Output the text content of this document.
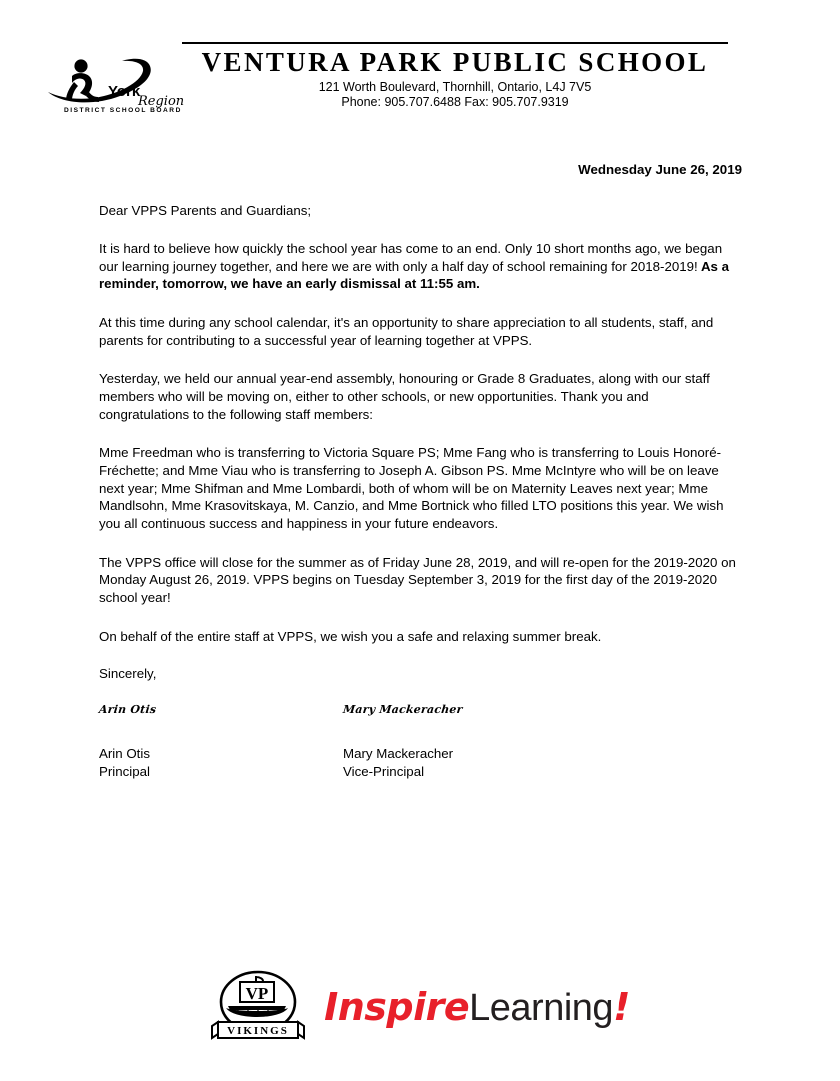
York
Region
DISTRICT SCHOOL BOARD
VENTURA PARK PUBLIC SCHOOL
121 Worth Boulevard, Thornhill, Ontario, L4J 7V5
Phone: 905.707.6488 Fax: 905.707.9319
Wednesday June 26, 2019
Dear VPPS Parents and Guardians;

It is hard to believe how quickly the school year has come to an end. Only 10 short months ago, we began our learning journey together, and here we are with only a half day of school remaining for 2018-2019! As a reminder, tomorrow, we have an early dismissal at 11:55 am.

At this time during any school calendar, it's an opportunity to share appreciation to all students, staff, and parents for contributing to a successful year of learning together at VPPS.

Yesterday, we held our annual year-end assembly, honouring or Grade 8 Graduates, along with our staff members who will be moving on, either to other schools, or new opportunities. Thank you and congratulations to the following staff members:

Mme Freedman who is transferring to Victoria Square PS; Mme Fang who is transferring to Louis Honoré-Fréchette; and Mme Viau who is transferring to Joseph A. Gibson PS. Mme McIntyre who will be on leave next year; Mme Shifman and Mme Lombardi, both of whom will be on Maternity Leaves next year; Mme Mandlsohn, Mme Krasovitskaya, M. Canzio, and Mme Bortnick who filled LTO positions this year. We wish you all continuous success and happiness in your future endeavors.

The VPPS office will close for the summer as of Friday June 28, 2019, and will re-open for the 2019-2020 on Monday August 26, 2019. VPPS begins on Tuesday September 3, 2019 for the first day of the 2019-2020 school year!

On behalf of the entire staff at VPPS, we wish you a safe and relaxing summer break.

Sincerely,
Arin Otis	Mary Mackeracher
Arin Otis
Principal
Mary Mackeracher
Vice-Principal
VP
VIKINGS
InspireLearning!
